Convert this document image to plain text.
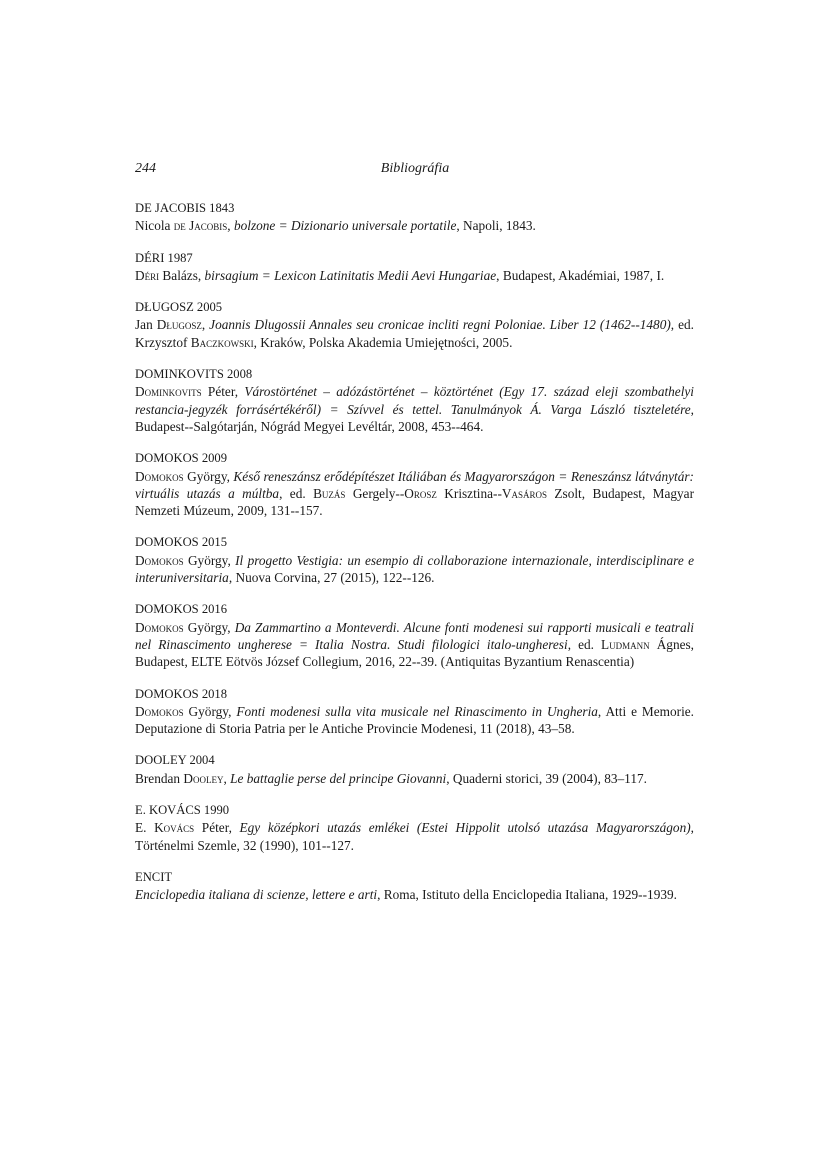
244	Bibliográfia
DE JACOBIS 1843
Nicola de Jacobis, bolzone = Dizionario universale portatile, Napoli, 1843.
DÉRI 1987
Déri Balázs, birsagium = Lexicon Latinitatis Medii Aevi Hungariae, Budapest, Akadémiai, 1987, I.
DŁUGOSZ 2005
Jan Długosz, Joannis Dlugossii Annales seu cronicae incliti regni Poloniae. Liber 12 (1462--1480), ed. Krzysztof Baczkowski, Kraków, Polska Akademia Umiejętności, 2005.
DOMINKOVITS 2008
Dominkovits Péter, Várostörténet – adózástörténet – köztörténet (Egy 17. század eleji szombathelyi restancia-jegyzék forrásértékéről) = Szívvel és tettel. Tanulmányok Á. Varga László tiszteletére, Budapest--Salgótarján, Nógrád Megyei Levéltár, 2008, 453--464.
DOMOKOS 2009
Domokos György, Késő reneszánsz erődépítészet Itáliában és Magyarországon = Reneszánsz látványtár: virtuális utazás a múltba, ed. Buzás Gergely--Orosz Krisztina--Vasáros Zsolt, Budapest, Magyar Nemzeti Múzeum, 2009, 131--157.
DOMOKOS 2015
Domokos György, Il progetto Vestigia: un esempio di collaborazione internazionale, interdisciplinare e interuniversitaria, Nuova Corvina, 27 (2015), 122--126.
DOMOKOS 2016
Domokos György, Da Zammartino a Monteverdi. Alcune fonti modenesi sui rapporti musicali e teatrali nel Rinascimento ungherese = Italia Nostra. Studi filologici italo-ungheresi, ed. Ludmann Ágnes, Budapest, ELTE Eötvös József Collegium, 2016, 22--39. (Antiquitas Byzantium Renascentia)
DOMOKOS 2018
Domokos György, Fonti modenesi sulla vita musicale nel Rinascimento in Ungheria, Atti e Memorie. Deputazione di Storia Patria per le Antiche Provincie Modenesi, 11 (2018), 43–58.
DOOLEY 2004
Brendan Dooley, Le battaglie perse del principe Giovanni, Quaderni storici, 39 (2004), 83–117.
E. KOVÁCS 1990
E. Kovács Péter, Egy középkori utazás emlékei (Estei Hippolit utolsó utazása Magyarországon), Történelmi Szemle, 32 (1990), 101--127.
ENCIT
Enciclopedia italiana di scienze, lettere e arti, Roma, Istituto della Enciclopedia Italiana, 1929--1939.
